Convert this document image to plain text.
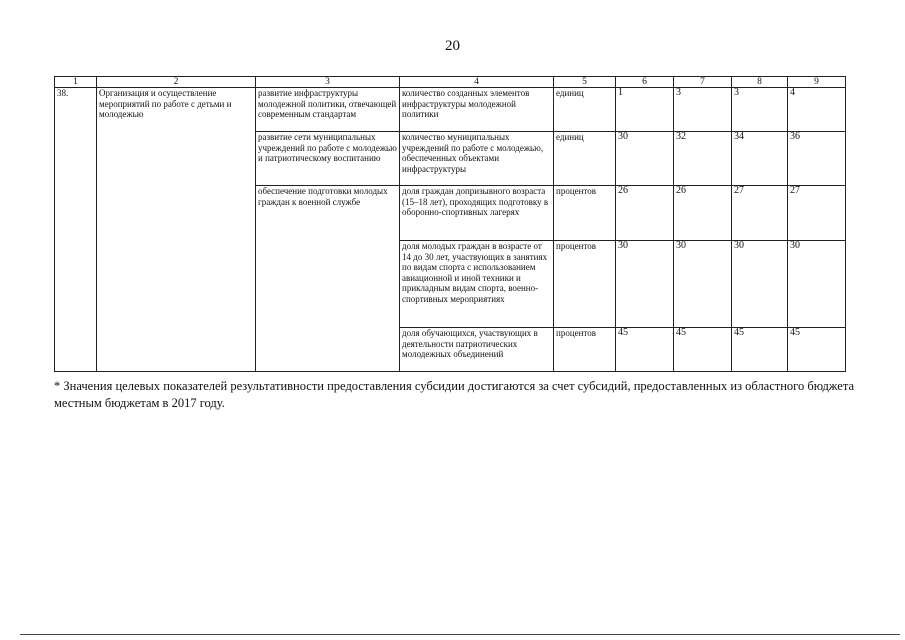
20
1	2	3	4	5	6	7	8	9
38.	Организация и осуществление мероприятий по работе с детьми и молодежью	развитие инфраструктуры молодежной политики, отвечающей современным стандартам	количество созданных элементов инфраструктуры молодежной политики	единиц	1	3	3	4
		развитие сети муниципальных учреждений по работе с молодежью и патриотическому воспитанию	количество муниципальных учреждений по работе с молодежью, обеспеченных объектами инфраструктуры	единиц	30	32	34	36
		обеспечение подготовки молодых граждан к военной службе	доля граждан допризывного возраста (15–18 лет), проходящих подготовку в оборонно-спортивных лагерях	процентов	26	26	27	27
			доля молодых граждан в возрасте от 14 до 30 лет, участвующих в занятиях по видам спорта с использованием авиационной и иной техники и прикладным видам спорта, военно-спортивных мероприятиях	процентов	30	30	30	30
			доля обучающихся, участвующих в деятельности патриотических молодежных объединений	процентов	45	45	45	45
* Значения целевых показателей результативности предоставления субсидии достигаются за счет субсидий, предоставленных из областного бюджета местным бюджетам в 2017 году.
